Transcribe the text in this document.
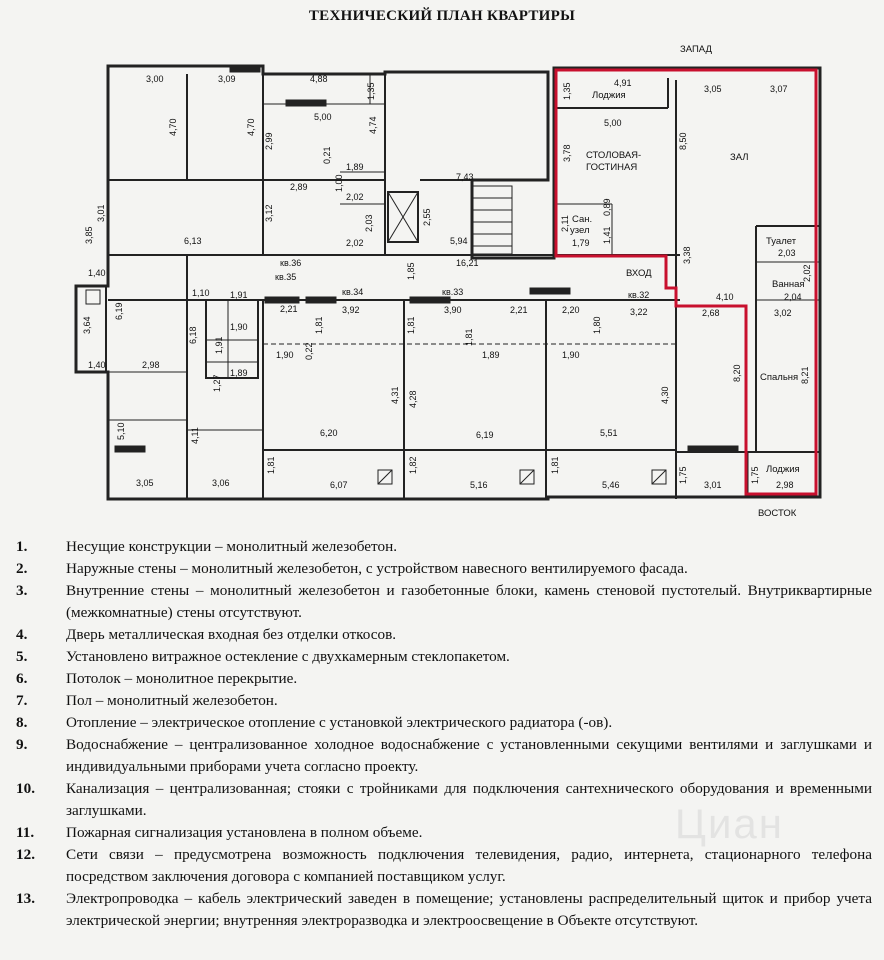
ТЕХНИЧЕСКИЙ ПЛАН КВАРТИРЫ
ЗАПАД
ВОСТОК
Лоджия
СТОЛОВАЯ-
ГОСТИНАЯ
ЗАЛ
Сан.
узел
ВХОД
Туалет
Ванная
Спальня
Лоджия
кв.35
кв.36
кв.34	кв.33	кв.32
3,00	3,09	4,88
5,00
1,89
2,89
2,02
2,02
7,43
5,94
16,21
6,13
1,40
1,40	2,98
1,10 1,91
1,90
1,89
2,21	3,92	3,90	2,21	2,20	3,22
1,90	1,89	1,90
6,20	6,19	5,51
3,05	3,06	6,07	5,16	5,46	3,01	2,98
4,91
3,05	3,07
5,00
1,79
2,03
2,04
4,10
2,68	3,02
4,70	4,70
1,35
2,99
4,74
0,21
1,00
3,12
3,01
2,03	2,55
3,85
6,19
3,64
6,18
1,91	0,22
1,81	1,81
1,81
1,80
1,85
1,27
4,31 4,28	4,30
5,10	4,11
1,81	1,82	1,81
1,75	1,75
1,35
3,78
8,50
2,11
0,89
1,41
3,38
2,02
8,20	8,21
1.	Несущие конструкции – монолитный железобетон.
2.	Наружные стены – монолитный железобетон, с устройством навесного вентилируемого фасада.
3.	Внутренние стены – монолитный железобетон и газобетонные блоки, камень стеновой пустотелый. Внутриквартирные (межкомнатные) стены отсутствуют.
4.	Дверь металлическая входная без отделки откосов.
5.	Установлено витражное остекление с двухкамерным стеклопакетом.
6.	Потолок – монолитное перекрытие.
7.	Пол – монолитный железобетон.
8.	Отопление – электрическое отопление с установкой электрического радиатора (-ов).
9.	Водоснабжение – централизованное холодное водоснабжение с установленными секущими вентилями и заглушками и индивидуальными приборами учета согласно проекту.
10. Канализация – централизованная; стояки с тройниками для подключения сантехнического оборудования и временными заглушками.
11. Пожарная сигнализация установлена в полном объеме.
12. Сети связи – предусмотрена возможность подключения телевидения, радио, интернета, стационарного телефона посредством заключения договора с компанией поставщиком услуг.
13. Электропроводка – кабель электрический заведен в помещение; установлены распределительный щиток и прибор учета электрической энергии; внутренняя электроразводка и электроосвещение в Объекте отсутствуют.
Циан
